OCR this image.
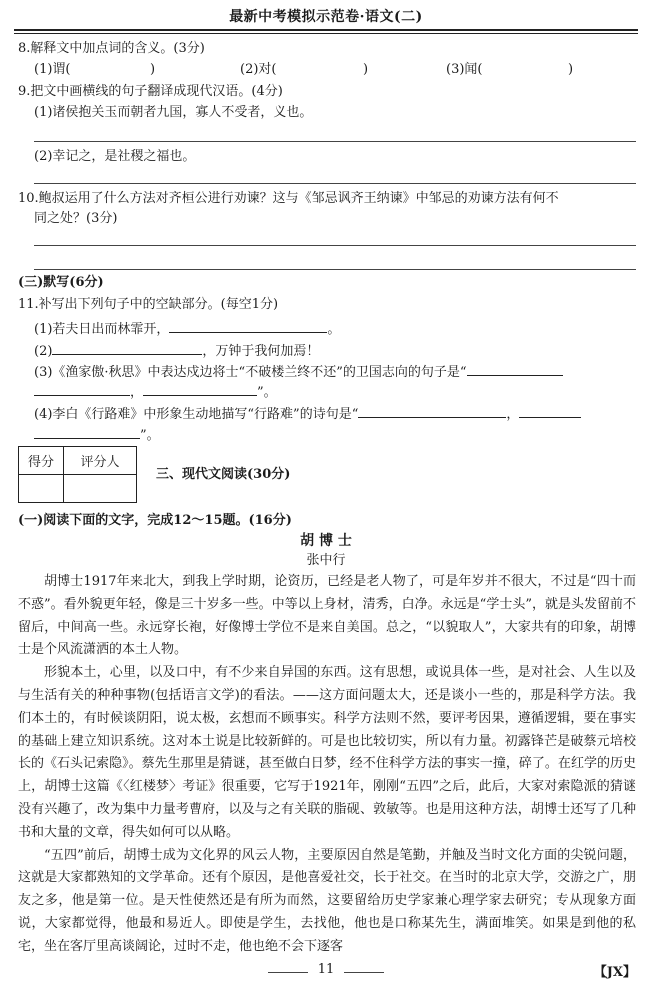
最新中考模拟示范卷·语文(二)
8.解释文中加点词的含义。(3分)
(1)谓(	)	(2)对(	)	(3)闻(	)
9.把文中画横线的句子翻译成现代汉语。(4分)
(1)诸侯抱关玉而朝者九国，寡人不受者，义也。
(2)幸记之，是社稷之福也。
10.鲍叔运用了什么方法对齐桓公进行劝谏？这与《邹忌讽齐王纳谏》中邹忌的劝谏方法有何不
同之处？(3分)
(三)默写(6分)
11.补写出下列句子中的空缺部分。(每空1分)
(1)若夫日出而林霏开，	。
(2)	，万钟于我何加焉！
(3)《渔家傲·秋思》中表达戍边将士“不破楼兰终不还”的卫国志向的句子是“
，	”。
(4)李白《行路难》中形象生动地描写“行路难”的诗句是“	，
”。
得分	评分人

三、现代文阅读(30分)
(一)阅读下面的文字，完成12～15题。(16分)
胡 博 士
张中行

胡博士1917年来北大，到我上学时期，论资历，已经是老人物了，可是年岁并不很大，不过是“四十而不惑”。看外貌更年轻，像是三十岁多一些。中等以上身材，清秀，白净。永远是“学士头”，就是头发留前不留后，中间高一些。永远穿长袍，好像博士学位不是来自美国。总之，“以貌取人”，大家共有的印象，胡博士是个风流潇洒的本土人物。

形貌本土，心里，以及口中，有不少来自异国的东西。这有思想，或说具体一些，是对社会、人生以及与生活有关的种种事物(包括语言文学)的看法。——这方面问题太大，还是谈小一些的，那是科学方法。我们本土的，有时候谈阴阳，说太极，玄想而不顾事实。科学方法则不然，要评考因果，遵循逻辑，要在事实的基础上建立知识系统。这对本土说是比较新鲜的。可是也比较切实，所以有力量。初露锋芒是破蔡元培校长的《石头记索隐》。蔡先生那里是猜谜，甚至做白日梦，经不住科学方法的事实一撞，碎了。在红学的历史上，胡博士这篇《〈红楼梦〉考证》很重要，它写于1921年，刚刚“五四”之后，此后，大家对索隐派的猜谜没有兴趣了，改为集中力量考曹府，以及与之有关联的脂砚、敦敏等。也是用这种方法，胡博士还写了几种书和大量的文章，得失如何可以从略。

“五四”前后，胡博士成为文化界的风云人物，主要原因自然是笔勤，并触及当时文化方面的尖锐问题，这就是大家都熟知的文学革命。还有个原因，是他喜爱社交，长于社交。在当时的北京大学，交游之广，朋友之多，他是第一位。是天性使然还是有所为而然，这要留给历史学家兼心理学家去研究；专从现象方面说，大家都觉得，他最和易近人。即使是学生，去找他，他也是口称某先生，满面堆笑。如果是到他的私宅，坐在客厅里高谈阔论，过时不走，他也绝不会下逐客

11	【JX】
